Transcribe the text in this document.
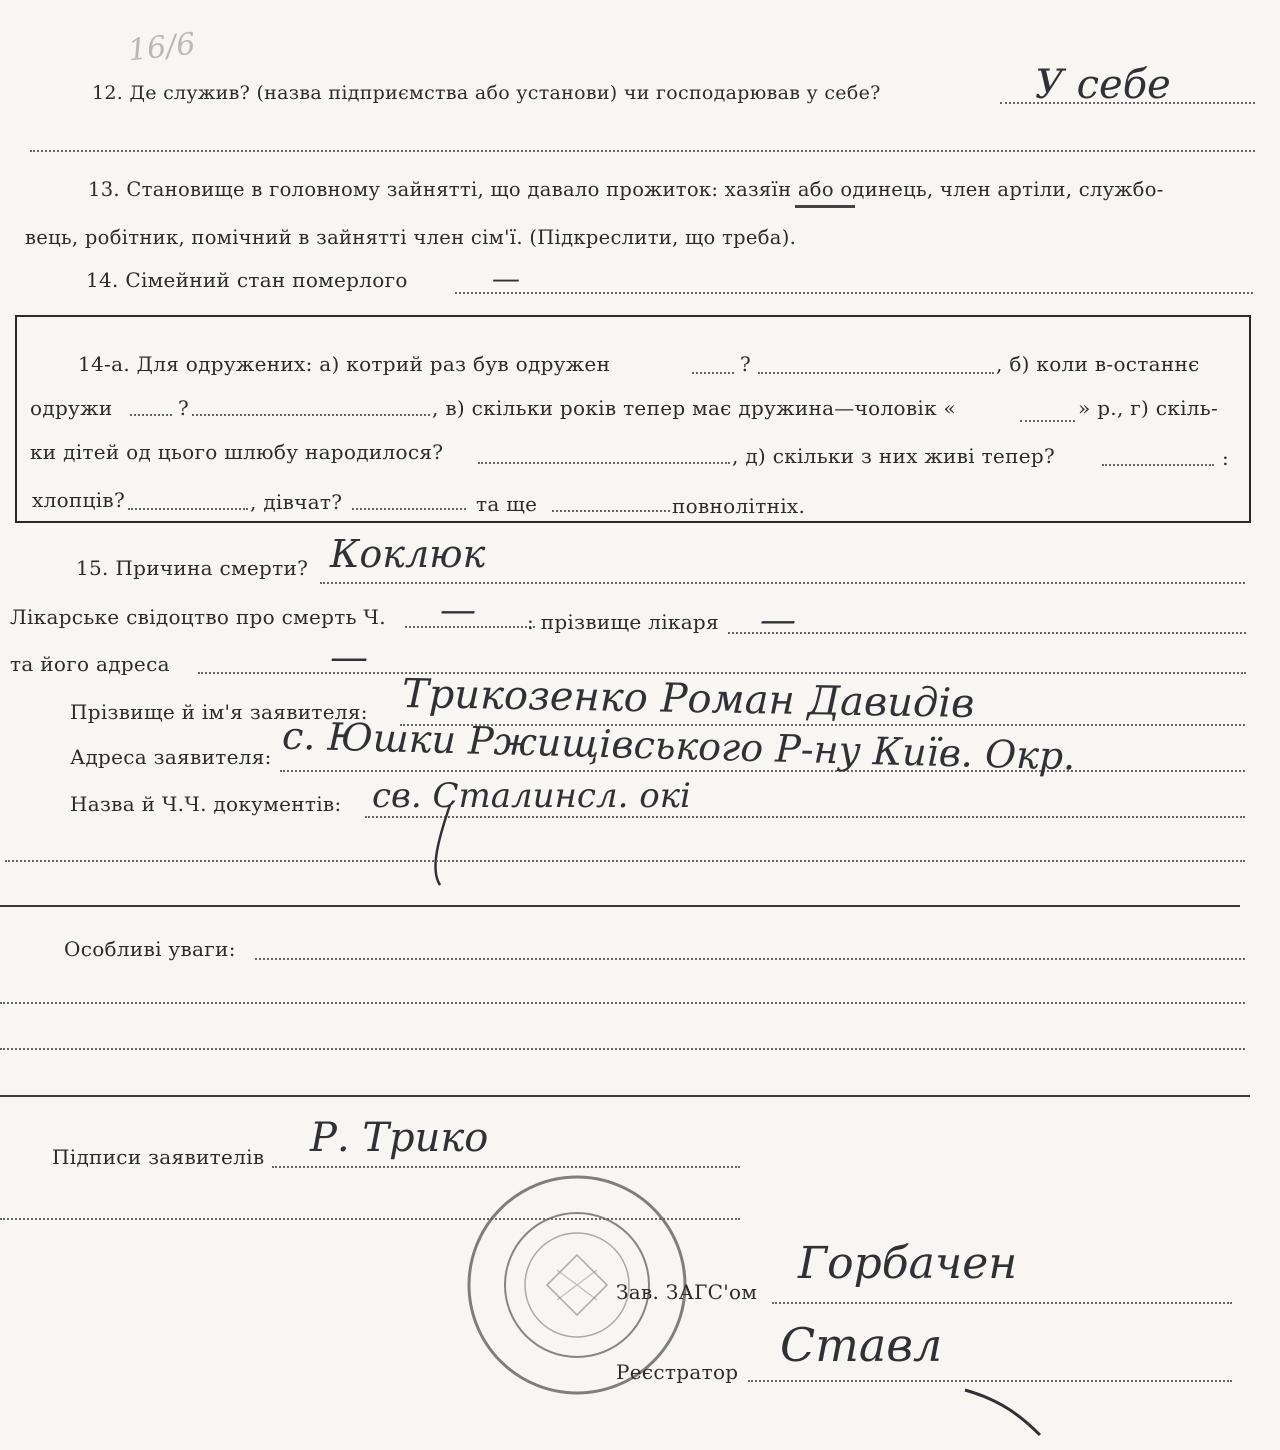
16/6
12. Де служив? (назва підприємства або установи) чи господарював у себе?	У себе
13. Становище в головному зайнятті, що давало прожиток: хазяїн або одинець, член артіли, службо-
вець, робітник, помічний в зайнятті член сім'ї. (Підкреслити, що треба).
14. Сімейний стан померлого	—
14-а. Для одружених: а) котрий раз був одружен	?	, б) коли в-останнє
одружи	?	, в) скільки років тепер має дружина—чоловік «	» р., г) скіль-
ки дітей од цього шлюбу народилося?	, д) скільки з них живі тепер?	:
хлопців?	, дівчат?	та ще	повнолітніх.
15. Причина смерти? Коклюк
Лікарське свідоцтво про смерть Ч. —	: прізвище лікаря —
та його адреса	—
Прізвище й ім'я заявителя: Трикозенко Роман Давидів
Адреса заявителя: с. Юшки Ржищівського Р-ну Київ. Окр.
Назва й Ч.Ч. документів: св. Сталинсл. окі
Особливі уваги:
Підписи заявителів Р. Трико
Зав. ЗАГС'ом
Горбачен
Реєстратор Ставл
